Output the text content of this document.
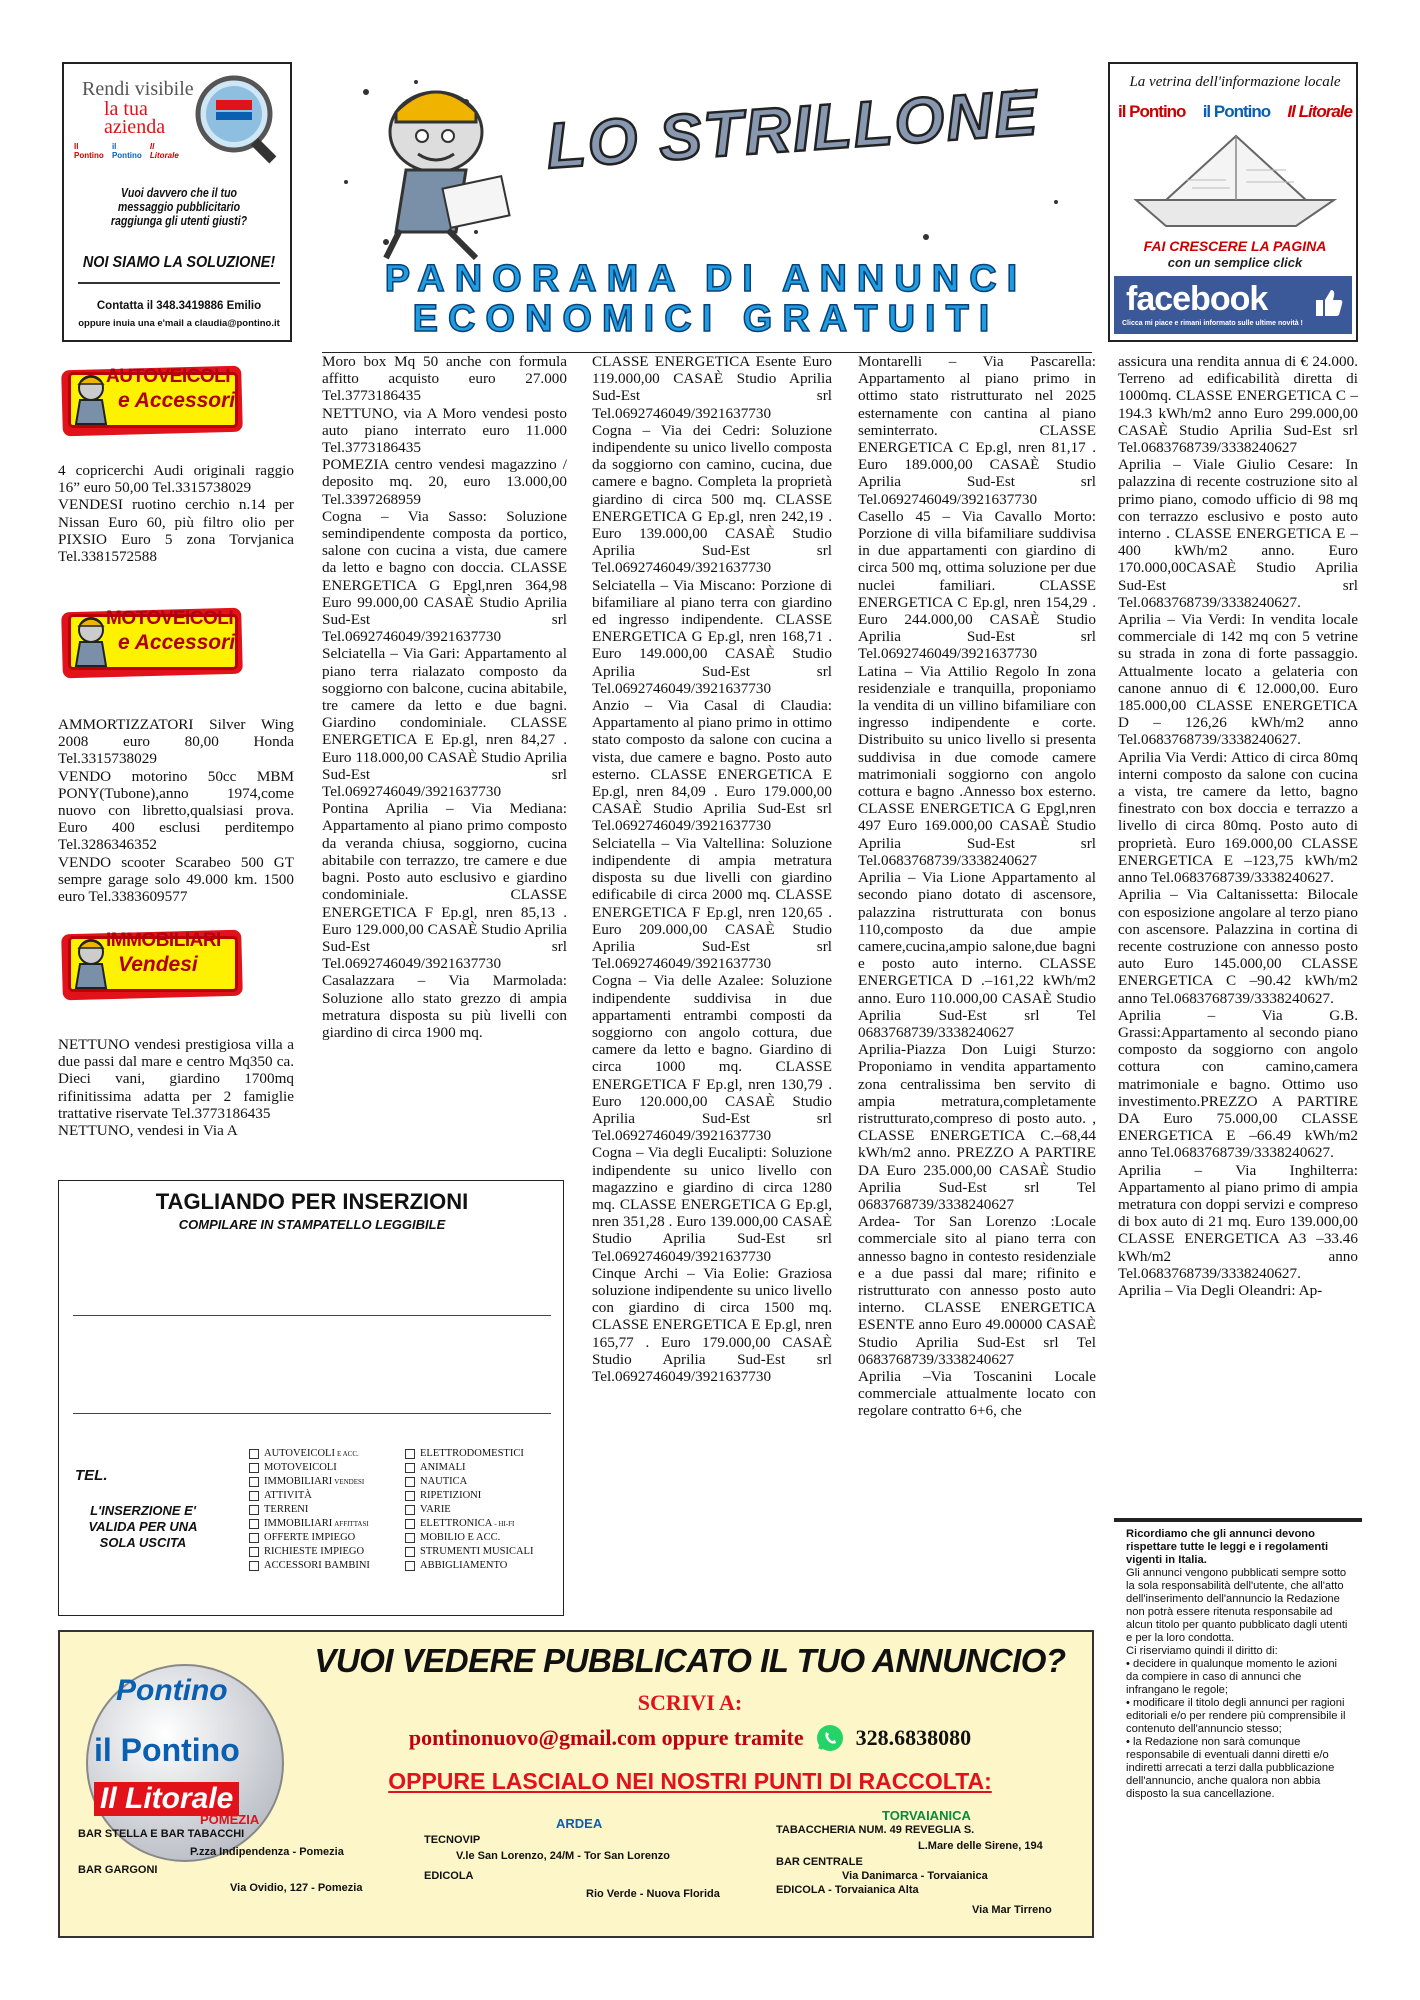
Rendi visibile
la tua
azienda
Il Pontino
il Pontino
Il Litorale
Vuoi davvero che il tuo messaggio pubblicitario raggiunga gli utenti giusti?
NOI SIAMO LA SOLUZIONE!
Contatta il 348.3419886 Emilio
oppure inuia una e'mail a claudia@pontino.it
LO STRILLONE
PANORAMA DI ANNUNCI
ECONOMICI GRATUITI
La vetrina dell'informazione locale
il Pontino il Pontino Il Litorale
FAI CRESCERE LA PAGINA
con un semplice click
facebook
Clicca mi piace e rimani informato sulle ultime novità !
AUTOVEICOLI
e Accessori

4 copricerchi Audi originali raggio 16” euro 50,00 Tel.3315738029

VENDESI ruotino cerchio n.14 per Nissan Euro 60, più filtro olio per PIXSIO Euro 5 zona Torvjanica Tel.3381572588

MOTOVEICOLI
e Accessori

AMMORTIZZATORI Silver Wing 2008 euro 80,00 Honda Tel.3315738029

VENDO motorino 50cc MBM PONY(Tubone),anno 1974,come nuovo con libretto,qualsiasi prova. Euro 400 esclusi perditempo Tel.3286346352

VENDO scooter Scarabeo 500 GT sempre garage solo 49.000 km. 1500 euro Tel.3383609577

IMMOBILIARI
Vendesi

NETTUNO vendesi prestigiosa villa a due passi dal mare e centro Mq350 ca. Dieci vani, giardino 1700mq rifinitissima adatta per 2 famiglie trattative riservate Tel.3773186435

NETTUNO, vendesi in Via A

Moro box Mq 50 anche con formula affitto acquisto euro 27.000 Tel.3773186435

NETTUNO, via A Moro vendesi posto auto piano interrato euro 11.000 Tel.3773186435

POMEZIA centro vendesi magazzino / deposito mq. 20, euro 13.000,00 Tel.3397268959

Cogna – Via Sasso: Soluzione semindipendente composta da portico, salone con cucina a vista, due camere da letto e bagno con doccia. CLASSE ENERGETICA G Epgl,nren 364,98 Euro 99.000,00 CASAÈ Studio Aprilia Sud-Est srl Tel.0692746049/3921637730

Selciatella – Via Gari: Appartamento al piano terra rialazato composto da soggiorno con balcone, cucina abitabile, tre camere da letto e due bagni. Giardino condominiale. CLASSE ENERGETICA E Ep.gl, nren 84,27 . Euro 118.000,00 CASAÈ Studio Aprilia Sud-Est srl Tel.0692746049/3921637730

Pontina Aprilia – Via Mediana: Appartamento al piano primo composto da veranda chiusa, soggiorno, cucina abitabile con terrazzo, tre camere e due bagni. Posto auto esclusivo e giardino condominiale. CLASSE ENERGETICA F Ep.gl, nren 85,13 . Euro 129.000,00 CASAÈ Studio Aprilia Sud-Est srl Tel.0692746049/3921637730

Casalazzara – Via Marmolada: Soluzione allo stato grezzo di ampia metratura disposta su più livelli con giardino di circa 1900 mq.

CLASSE ENERGETICA Esente Euro 119.000,00 CASAÈ Studio Aprilia Sud-Est srl Tel.0692746049/3921637730

Cogna – Via dei Cedri: Soluzione indipendente su unico livello composta da soggiorno con camino, cucina, due camere e bagno. Completa la proprietà giardino di circa 500 mq. CLASSE ENERGETICA G Ep.gl, nren 242,19 . Euro 139.000,00 CASAÈ Studio Aprilia Sud-Est srl Tel.0692746049/3921637730

Selciatella – Via Miscano: Porzione di bifamiliare al piano terra con giardino ed ingresso indipendente. CLASSE ENERGETICA G Ep.gl, nren 168,71 . Euro 149.000,00 CASAÈ Studio Aprilia Sud-Est srl Tel.0692746049/3921637730

Anzio – Via Casal di Claudia: Appartamento al piano primo in ottimo stato composto da salone con cucina a vista, due camere e bagno. Posto auto esterno. CLASSE ENERGETICA E Ep.gl, nren 84,09 . Euro 179.000,00 CASAÈ Studio Aprilia Sud-Est srl Tel.0692746049/3921637730

Selciatella – Via Valtellina: Soluzione indipendente di ampia metratura disposta su due livelli con giardino edificabile di circa 2000 mq. CLASSE ENERGETICA F Ep.gl, nren 120,65 . Euro 209.000,00 CASAÈ Studio Aprilia Sud-Est srl Tel.0692746049/3921637730

Cogna – Via delle Azalee: Soluzione indipendente suddivisa in due appartamenti entrambi composti da soggiorno con angolo cottura, due camere da letto e bagno. Giardino di circa 1000 mq. CLASSE ENERGETICA F Ep.gl, nren 130,79 . Euro 120.000,00 CASAÈ Studio Aprilia Sud-Est srl Tel.0692746049/3921637730

Cogna – Via degli Eucalipti: Soluzione indipendente su unico livello con magazzino e giardino di circa 1280 mq. CLASSE ENERGETICA G Ep.gl, nren 351,28 . Euro 139.000,00 CASAÈ Studio Aprilia Sud-Est srl Tel.0692746049/3921637730

Cinque Archi – Via Eolie: Graziosa soluzione indipendente su unico livello con giardino di circa 1500 mq. CLASSE ENERGETICA E Ep.gl, nren 165,77 . Euro 179.000,00 CASAÈ Studio Aprilia Sud-Est srl Tel.0692746049/3921637730

Montarelli – Via Pascarella: Appartamento al piano primo in ottimo stato ristrutturato nel 2025 esternamente con cantina al piano seminterrato. CLASSE ENERGETICA C Ep.gl, nren 81,17 . Euro 189.000,00 CASAÈ Studio Aprilia Sud-Est srl Tel.0692746049/3921637730

Casello 45 – Via Cavallo Morto: Porzione di villa bifamiliare suddivisa in due appartamenti con giardino di circa 500 mq, ottima soluzione per due nuclei familiari. CLASSE ENERGETICA C Ep.gl, nren 154,29 . Euro 244.000,00 CASAÈ Studio Aprilia Sud-Est srl Tel.0692746049/3921637730

Latina – Via Attilio Regolo In zona residenziale e tranquilla, proponiamo la vendita di un villino bifamiliare con ingresso indipendente e corte. Distribuito su unico livello si presenta suddivisa in due comode camere matrimoniali soggiorno con angolo cottura e bagno .Annesso box esterno. CLASSE ENERGETICA G Epgl,nren 497 Euro 169.000,00 CASAÈ Studio Aprilia Sud-Est srl Tel.0683768739/3338240627

Aprilia – Via Lione Appartamento al secondo piano dotato di ascensore, palazzina ristrutturata con bonus 110,composto da due ampie camere,cucina,ampio salone,due bagni e posto auto interno. CLASSE ENERGETICA D .–161,22 kWh/m2 anno. Euro 110.000,00 CASAÈ Studio Aprilia Sud-Est srl Tel 0683768739/3338240627

Aprilia-Piazza Don Luigi Sturzo: Proponiamo in vendita appartamento zona centralissima ben servito di ampia metratura,completamente ristrutturato,compreso di posto auto. , CLASSE ENERGETICA C.–68,44 kWh/m2 anno. PREZZO A PARTIRE DA Euro 235.000,00 CASAÈ Studio Aprilia Sud-Est srl Tel 0683768739/3338240627

Ardea- Tor San Lorenzo :Locale commerciale sito al piano terra con annesso bagno in contesto residenziale e a due passi dal mare; rifinito e ristrutturato con annesso posto auto interno. CLASSE ENERGETICA ESENTE anno Euro 49.00000 CASAÈ Studio Aprilia Sud-Est srl Tel 0683768739/3338240627

Aprilia –Via Toscanini Locale commerciale attualmente locato con regolare contratto 6+6, che

assicura una rendita annua di € 24.000. Terreno ad edificabilità diretta di 1000mq. CLASSE ENERGETICA C –194.3 kWh/m2 anno Euro 299.000,00 CASAÈ Studio Aprilia Sud-Est srl Tel.0683768739/3338240627

Aprilia – Viale Giulio Cesare: In palazzina di recente costruzione sito al primo piano, comodo ufficio di 98 mq con terrazzo esclusivo e posto auto interno . CLASSE ENERGETICA E – 400 kWh/m2 anno. Euro 170.000,00CASAÈ Studio Aprilia Sud-Est srl Tel.0683768739/3338240627.

Aprilia – Via Verdi: In vendita locale commerciale di 142 mq con 5 vetrine su strada in zona di forte passaggio. Attualmente locato a gelateria con canone annuo di € 12.000,00. Euro 185.000,00 CLASSE ENERGETICA D – 126,26 kWh/m2 anno Tel.0683768739/3338240627.

Aprilia Via Verdi: Attico di circa 80mq interni composto da salone con cucina a vista, tre camere da letto, bagno finestrato con box doccia e terrazzo a livello di circa 80mq. Posto auto di proprietà. Euro 169.000,00 CLASSE ENERGETICA E –123,75 kWh/m2 anno Tel.0683768739/3338240627.

Aprilia – Via Caltanissetta: Bilocale con esposizione angolare al terzo piano con ascensore. Palazzina in cortina di recente costruzione con annesso posto auto Euro 145.000,00 CLASSE ENERGETICA C –90.42 kWh/m2 anno Tel.0683768739/3338240627.

Aprilia – Via G.B. Grassi:Appartamento al secondo piano composto da soggiorno con angolo cottura con camino,camera matrimoniale e bagno. Ottimo uso investimento.PREZZO A PARTIRE DA Euro 75.000,00 CLASSE ENERGETICA E –66.49 kWh/m2 anno Tel.0683768739/3338240627.

Aprilia – Via Inghilterra: Appartamento al piano primo di ampia metratura con doppi servizi e compreso di box auto di 21 mq. Euro 139.000,00 CLASSE ENERGETICA A3 –33.46 kWh/m2 anno Tel.0683768739/3338240627.

Aprilia – Via Degli Oleandri: Ap-

Ricordiamo che gli annunci devono rispettare tutte le leggi e i regolamenti vigenti in Italia.

Gli annunci vengono pubblicati sempre sotto la sola responsabilità dell'utente, che all'atto dell'inserimento dell'annuncio la Redazione non potrà essere ritenuta responsabile ad alcun titolo per quanto pubblicato dagli utenti e per la loro condotta.

Ci riserviamo quindi il diritto di:

• decidere in qualunque momento le azioni da compiere in caso di annunci che infrangano le regole;

• modificare il titolo degli annunci per ragioni editoriali e/o per rendere più comprensibile il contenuto dell'annuncio stesso;

• la Redazione non sarà comunque responsabile di eventuali danni diretti e/o indiretti arrecati a terzi dalla pubblicazione dell'annuncio, anche qualora non abbia disposto la sua cancellazione.

TAGLIANDO PER INSERZIONI
COMPILARE IN STAMPATELLO LEGGIBILE
TEL.
L'INSERZIONE E' VALIDA PER UNA SOLA USCITA
AUTOVEICOLI E ACC.
MOTOVEICOLI
IMMOBILIARI VENDESI
ATTIVITÀ
TERRENI
IMMOBILIARI AFFITTASI
OFFERTE IMPIEGO
RICHIESTE IMPIEGO
ACCESSORI BAMBINI
ELETTRODOMESTICI
ANIMALI
NAUTICA
RIPETIZIONI
VARIE
ELETTRONICA - HI-FI
MOBILIO E ACC.
STRUMENTI MUSICALI
ABBIGLIAMENTO
Pontino
il Pontino
Il Litorale
VUOI VEDERE PUBBLICATO IL TUO ANNUNCIO?
SCRIVI A:
pontinonuovo@gmail.com oppure tramite 328.6838080
OPPURE LASCIALO NEI NOSTRI PUNTI DI RACCOLTA:
POMEZIA
BAR STELLA E BAR TABACCHI
P.zza Indipendenza - Pomezia
BAR GARGONI
Via Ovidio, 127 - Pomezia
ARDEA
TECNOVIP
V.le San Lorenzo, 24/M - Tor San Lorenzo
EDICOLA
Rio Verde - Nuova Florida
TORVAIANICA
TABACCHERIA NUM. 49 REVEGLIA S.
L.Mare delle Sirene, 194
BAR CENTRALE
Via Danimarca - Torvaianica
EDICOLA - Torvaianica Alta
Via Mar Tirreno
